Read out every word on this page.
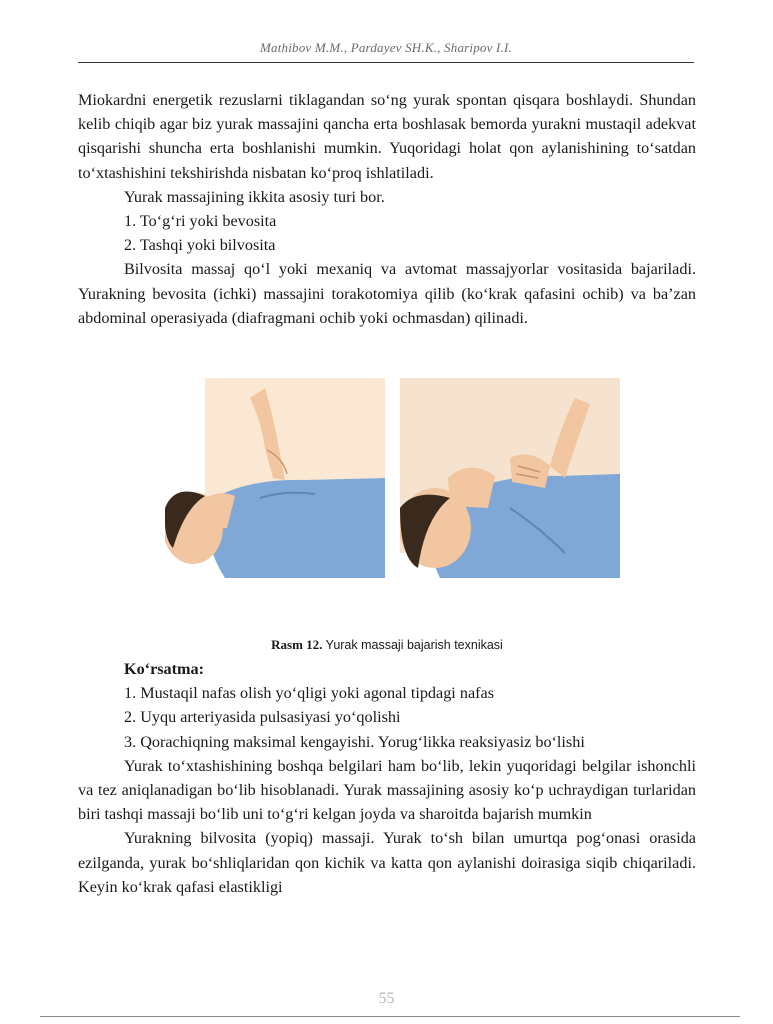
Mathibov M.M., Pardayev SH.K., Sharipov I.I.

Miokardni energetik rezuslarni tiklagandan so‘ng yurak spontan qisqara boshlaydi. Shundan kelib chiqib agar biz yurak massajini qancha erta boshlasak bemorda yurakni mustaqil adekvat qisqarishi shuncha erta boshlanishi mumkin. Yuqoridagi holat qon aylanishining to‘satdan to‘xtashishini tekshirishda nisbatan ko‘proq ishlatiladi.

Yurak massajining ikkita asosiy turi bor.

1. To‘g‘ri yoki bevosita

2. Tashqi yoki bilvosita

Bilvosita massaj qo‘l yoki mexaniq va avtomat massajyorlar vositasida bajariladi. Yurakning bevosita (ichki) massajini torakotomiya qilib (ko‘krak qafasini ochib) va ba’zan abdominal operasiyada (diafragmani ochib yoki ochmasdan) qilinadi.

Rasm 12. Yurak massaji bajarish texnikasi

Ko‘rsatma:

1. Mustaqil nafas olish yo‘qligi yoki agonal tipdagi nafas

2. Uyqu arteriyasida pulsasiyasi yo‘qolishi

3. Qorachiqning maksimal kengayishi. Yorug‘likka reaksiyasiz bo‘lishi

Yurak to‘xtashishining boshqa belgilari ham bo‘lib, lekin yuqoridagi belgilar ishonchli va tez aniqlanadigan bo‘lib hisoblanadi. Yurak massajining asosiy ko‘p uchraydigan turlaridan biri tashqi massaji bo‘lib uni to‘g‘ri kelgan joyda va sharoitda bajarish mumkin

Yurakning bilvosita (yopiq) massaji. Yurak to‘sh bilan umurtqa pog‘onasi orasida ezilganda, yurak bo‘shliqlaridan qon kichik va katta qon aylanishi doirasiga siqib chiqariladi. Keyin ko‘krak qafasi elastikligi

55
